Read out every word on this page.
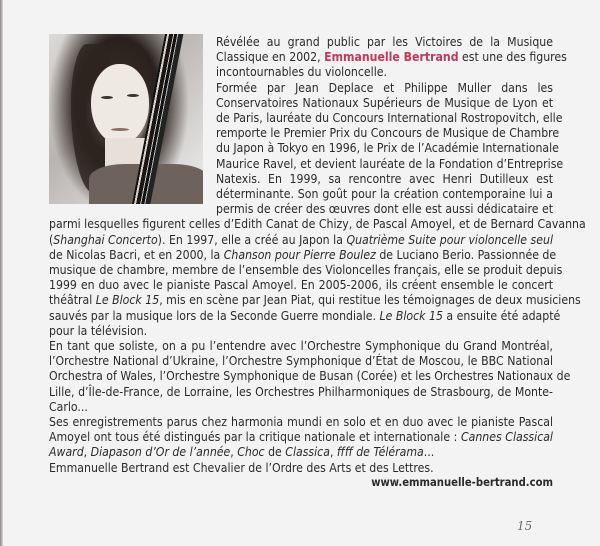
Révélée au grand public par les Victoires de la Musique
Classique en 2002, Emmanuelle Bertrand est une des figures
incontournables du violoncelle.
Formée par Jean Deplace et Philippe Muller dans les
Conservatoires Nationaux Supérieurs de Musique de Lyon et
de Paris, lauréate du Concours International Rostropovitch, elle
remporte le Premier Prix du Concours de Musique de Chambre
du Japon à Tokyo en 1996, le Prix de l’Académie Internationale
Maurice Ravel, et devient lauréate de la Fondation d’Entreprise
Natexis. En 1999, sa rencontre avec Henri Dutilleux est
déterminante. Son goût pour la création contemporaine lui a
permis de créer des œuvres dont elle est aussi dédicataire et
parmi lesquelles figurent celles d’Edith Canat de Chizy, de Pascal Amoyel, et de Bernard Cavanna
(Shanghai Concerto). En 1997, elle a créé au Japon la Quatrième Suite pour violoncelle seul
de Nicolas Bacri, et en 2000, la Chanson pour Pierre Boulez de Luciano Berio. Passionnée de
musique de chambre, membre de l’ensemble des Violoncelles français, elle se produit depuis
1999 en duo avec le pianiste Pascal Amoyel. En 2005-2006, ils créent ensemble le concert
théâtral Le Block 15, mis en scène par Jean Piat, qui restitue les témoignages de deux musiciens
sauvés par la musique lors de la Seconde Guerre mondiale. Le Block 15 a ensuite été adapté
pour la télévision.
En tant que soliste, on a pu l’entendre avec l’Orchestre Symphonique du Grand Montréal,
l’Orchestre National d’Ukraine, l’Orchestre Symphonique d’État de Moscou, le BBC National
Orchestra of Wales, l’Orchestre Symphonique de Busan (Corée) et les Orchestres Nationaux de
Lille, d’Île-de-France, de Lorraine, les Orchestres Philharmoniques de Strasbourg, de Monte-
Carlo...
Ses enregistrements parus chez harmonia mundi en solo et en duo avec le pianiste Pascal
Amoyel ont tous été distingués par la critique nationale et internationale : Cannes Classical
Award, Diapason d’Or de l’année, Choc de Classica, ffff de Télérama...
Emmanuelle Bertrand est Chevalier de l’Ordre des Arts et des Lettres.
www.emmanuelle-bertrand.com
15
